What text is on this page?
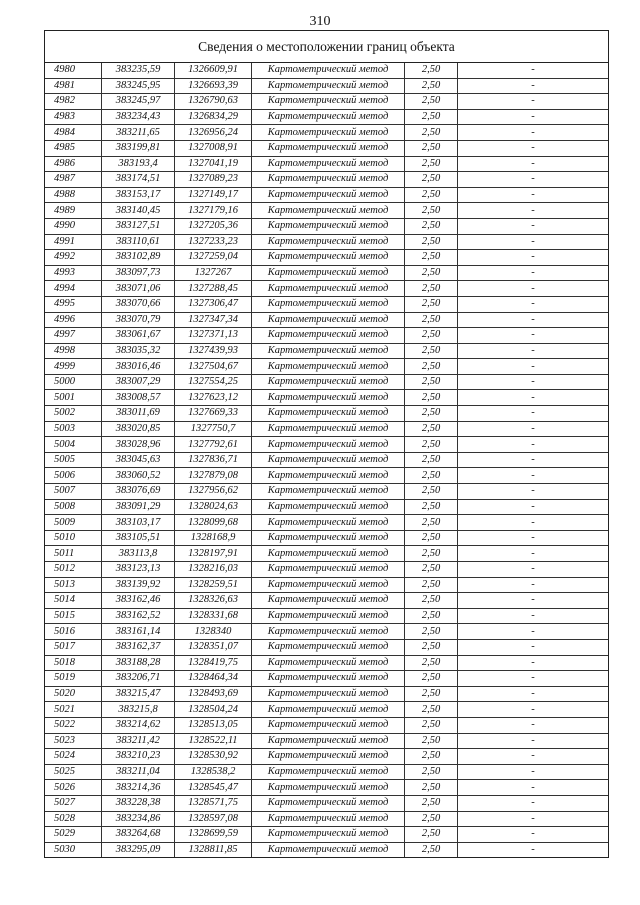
310
Сведения о местоположении границ объекта
4980	383235,59	1326609,91	Картометрический метод	2,50	-
4981	383245,95	1326693,39	Картометрический метод	2,50	-
4982	383245,97	1326790,63	Картометрический метод	2,50	-
4983	383234,43	1326834,29	Картометрический метод	2,50	-
4984	383211,65	1326956,24	Картометрический метод	2,50	-
4985	383199,81	1327008,91	Картометрический метод	2,50	-
4986	383193,4	1327041,19	Картометрический метод	2,50	-
4987	383174,51	1327089,23	Картометрический метод	2,50	-
4988	383153,17	1327149,17	Картометрический метод	2,50	-
4989	383140,45	1327179,16	Картометрический метод	2,50	-
4990	383127,51	1327205,36	Картометрический метод	2,50	-
4991	383110,61	1327233,23	Картометрический метод	2,50	-
4992	383102,89	1327259,04	Картометрический метод	2,50	-
4993	383097,73	1327267	Картометрический метод	2,50	-
4994	383071,06	1327288,45	Картометрический метод	2,50	-
4995	383070,66	1327306,47	Картометрический метод	2,50	-
4996	383070,79	1327347,34	Картометрический метод	2,50	-
4997	383061,67	1327371,13	Картометрический метод	2,50	-
4998	383035,32	1327439,93	Картометрический метод	2,50	-
4999	383016,46	1327504,67	Картометрический метод	2,50	-
5000	383007,29	1327554,25	Картометрический метод	2,50	-
5001	383008,57	1327623,12	Картометрический метод	2,50	-
5002	383011,69	1327669,33	Картометрический метод	2,50	-
5003	383020,85	1327750,7	Картометрический метод	2,50	-
5004	383028,96	1327792,61	Картометрический метод	2,50	-
5005	383045,63	1327836,71	Картометрический метод	2,50	-
5006	383060,52	1327879,08	Картометрический метод	2,50	-
5007	383076,69	1327956,62	Картометрический метод	2,50	-
5008	383091,29	1328024,63	Картометрический метод	2,50	-
5009	383103,17	1328099,68	Картометрический метод	2,50	-
5010	383105,51	1328168,9	Картометрический метод	2,50	-
5011	383113,8	1328197,91	Картометрический метод	2,50	-
5012	383123,13	1328216,03	Картометрический метод	2,50	-
5013	383139,92	1328259,51	Картометрический метод	2,50	-
5014	383162,46	1328326,63	Картометрический метод	2,50	-
5015	383162,52	1328331,68	Картометрический метод	2,50	-
5016	383161,14	1328340	Картометрический метод	2,50	-
5017	383162,37	1328351,07	Картометрический метод	2,50	-
5018	383188,28	1328419,75	Картометрический метод	2,50	-
5019	383206,71	1328464,34	Картометрический метод	2,50	-
5020	383215,47	1328493,69	Картометрический метод	2,50	-
5021	383215,8	1328504,24	Картометрический метод	2,50	-
5022	383214,62	1328513,05	Картометрический метод	2,50	-
5023	383211,42	1328522,11	Картометрический метод	2,50	-
5024	383210,23	1328530,92	Картометрический метод	2,50	-
5025	383211,04	1328538,2	Картометрический метод	2,50	-
5026	383214,36	1328545,47	Картометрический метод	2,50	-
5027	383228,38	1328571,75	Картометрический метод	2,50	-
5028	383234,86	1328597,08	Картометрический метод	2,50	-
5029	383264,68	1328699,59	Картометрический метод	2,50	-
5030	383295,09	1328811,85	Картометрический метод	2,50	-
